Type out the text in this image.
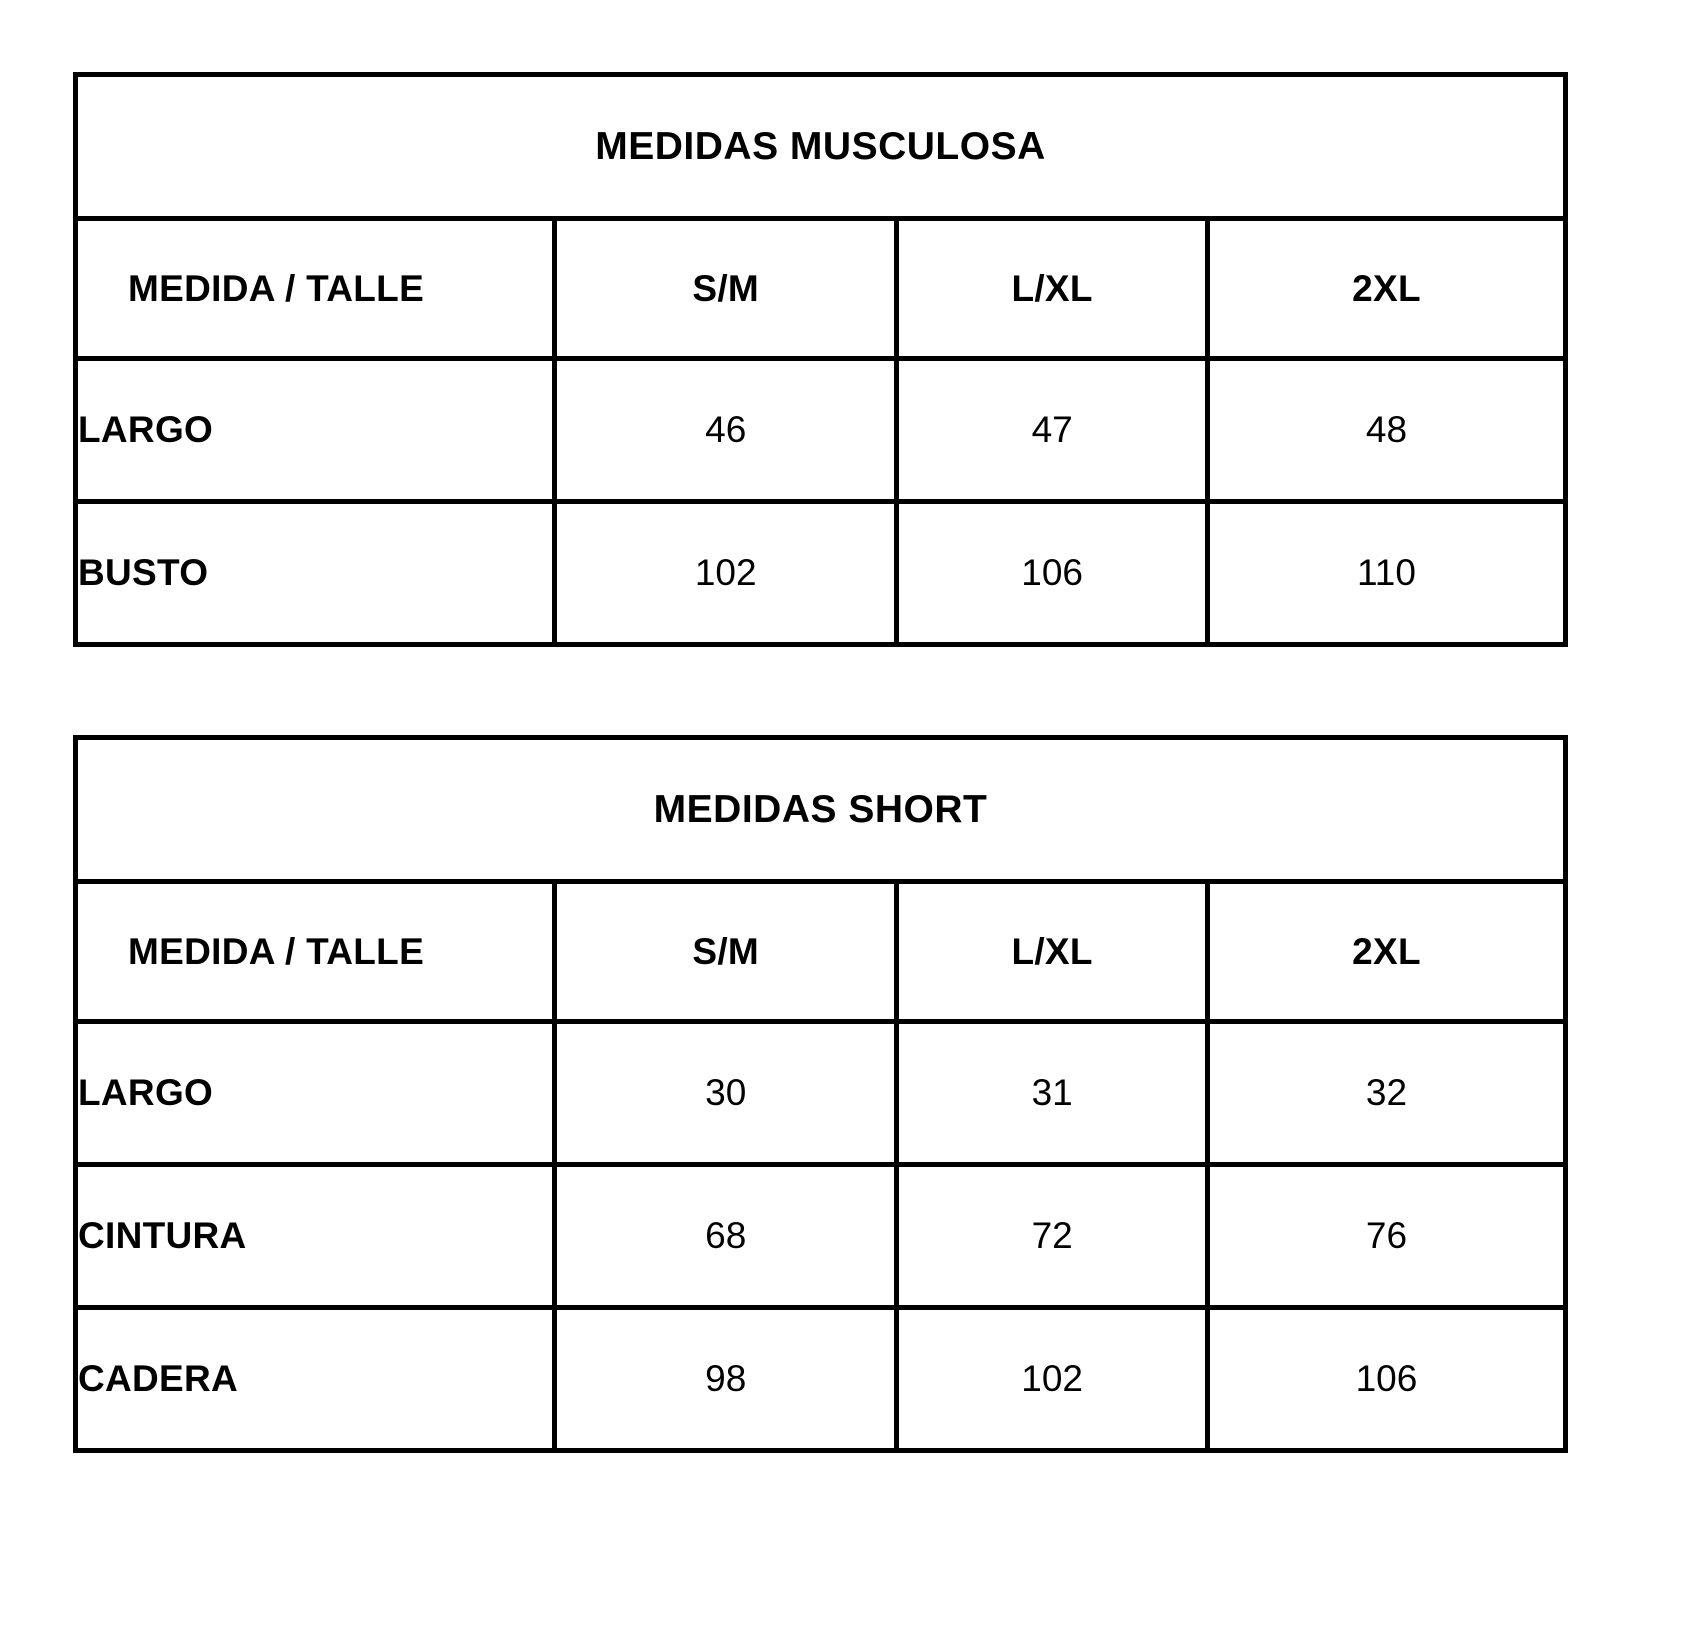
MEDIDAS MUSCULOSA			
MEDIDA / TALLE	S/M	L/XL	2XL
LARGO	46	47	48
BUSTO	102	106	110
MEDIDAS SHORT			
MEDIDA / TALLE	S/M	L/XL	2XL
LARGO	30	31	32
CINTURA	68	72	76
CADERA	98	102	106
